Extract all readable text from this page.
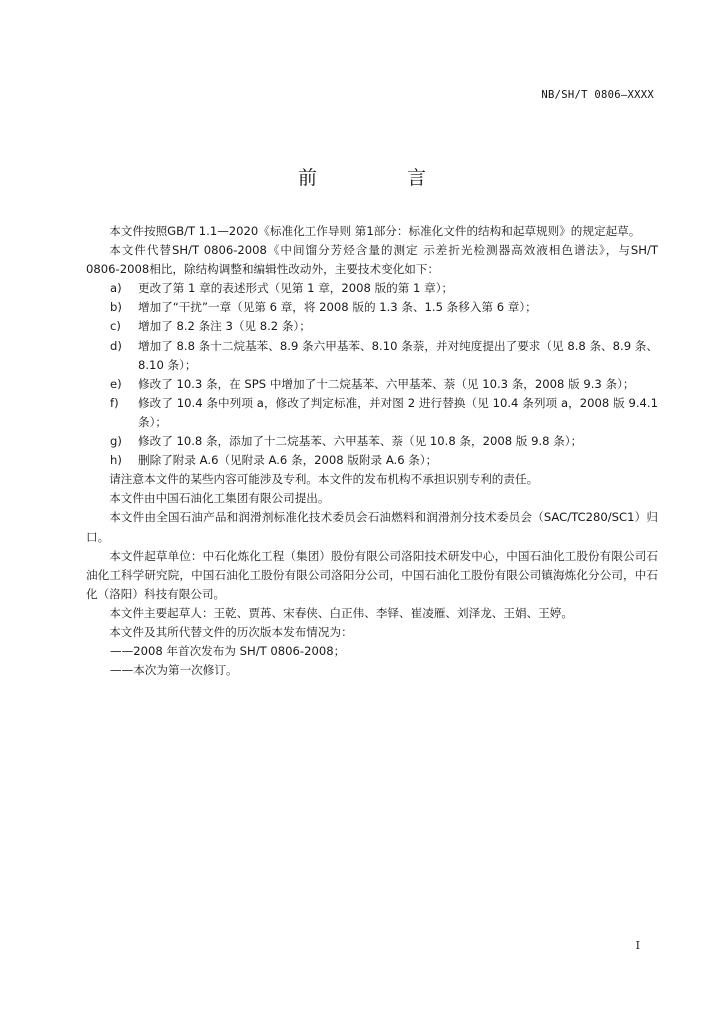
NB/SH/T 0806—XXXX
前 言

本文件按照GB/T 1.1—2020《标准化工作导则 第1部分：标准化文件的结构和起草规则》的规定起草。

本文件代替SH/T 0806-2008《中间馏分芳烃含量的测定 示差折光检测器高效液相色谱法》，与SH/T 0806-2008相比，除结构调整和编辑性改动外，主要技术变化如下：

a)	更改了第 1 章的表述形式（见第 1 章，2008 版的第 1 章）；
b)	增加了“干扰”一章（见第 6 章，将 2008 版的 1.3 条、1.5 条移入第 6 章）；
c)	增加了 8.2 条注 3（见 8.2 条）；
d)	增加了 8.8 条十二烷基苯、8.9 条六甲基苯、8.10 条萘，并对纯度提出了要求（见 8.8 条、8.9 条、8.10 条）；
e)	修改了 10.3 条，在 SPS 中增加了十二烷基苯、六甲基苯、萘（见 10.3 条，2008 版 9.3 条）；
f)	修改了 10.4 条中列项 a，修改了判定标准，并对图 2 进行替换（见 10.4 条列项 a，2008 版 9.4.1 条）；
g)	修改了 10.8 条，添加了十二烷基苯、六甲基苯、萘（见 10.8 条，2008 版 9.8 条）；
h)	删除了附录 A.6（见附录 A.6 条，2008 版附录 A.6 条）；

请注意本文件的某些内容可能涉及专利。本文件的发布机构不承担识别专利的责任。

本文件由中国石油化工集团有限公司提出。

本文件由全国石油产品和润滑剂标准化技术委员会石油燃料和润滑剂分技术委员会（SAC/TC280/SC1）归口。

本文件起草单位：中石化炼化工程（集团）股份有限公司洛阳技术研发中心，中国石油化工股份有限公司石油化工科学研究院，中国石油化工股份有限公司洛阳分公司，中国石油化工股份有限公司镇海炼化分公司，中石化（洛阳）科技有限公司。

本文件主要起草人：王乾、贾苒、宋春侠、白正伟、李铎、崔凌雁、刘泽龙、王娟、王婷。

本文件及其所代替文件的历次版本发布情况为：

——2008 年首次发布为 SH/T 0806-2008；

——本次为第一次修订。

I
